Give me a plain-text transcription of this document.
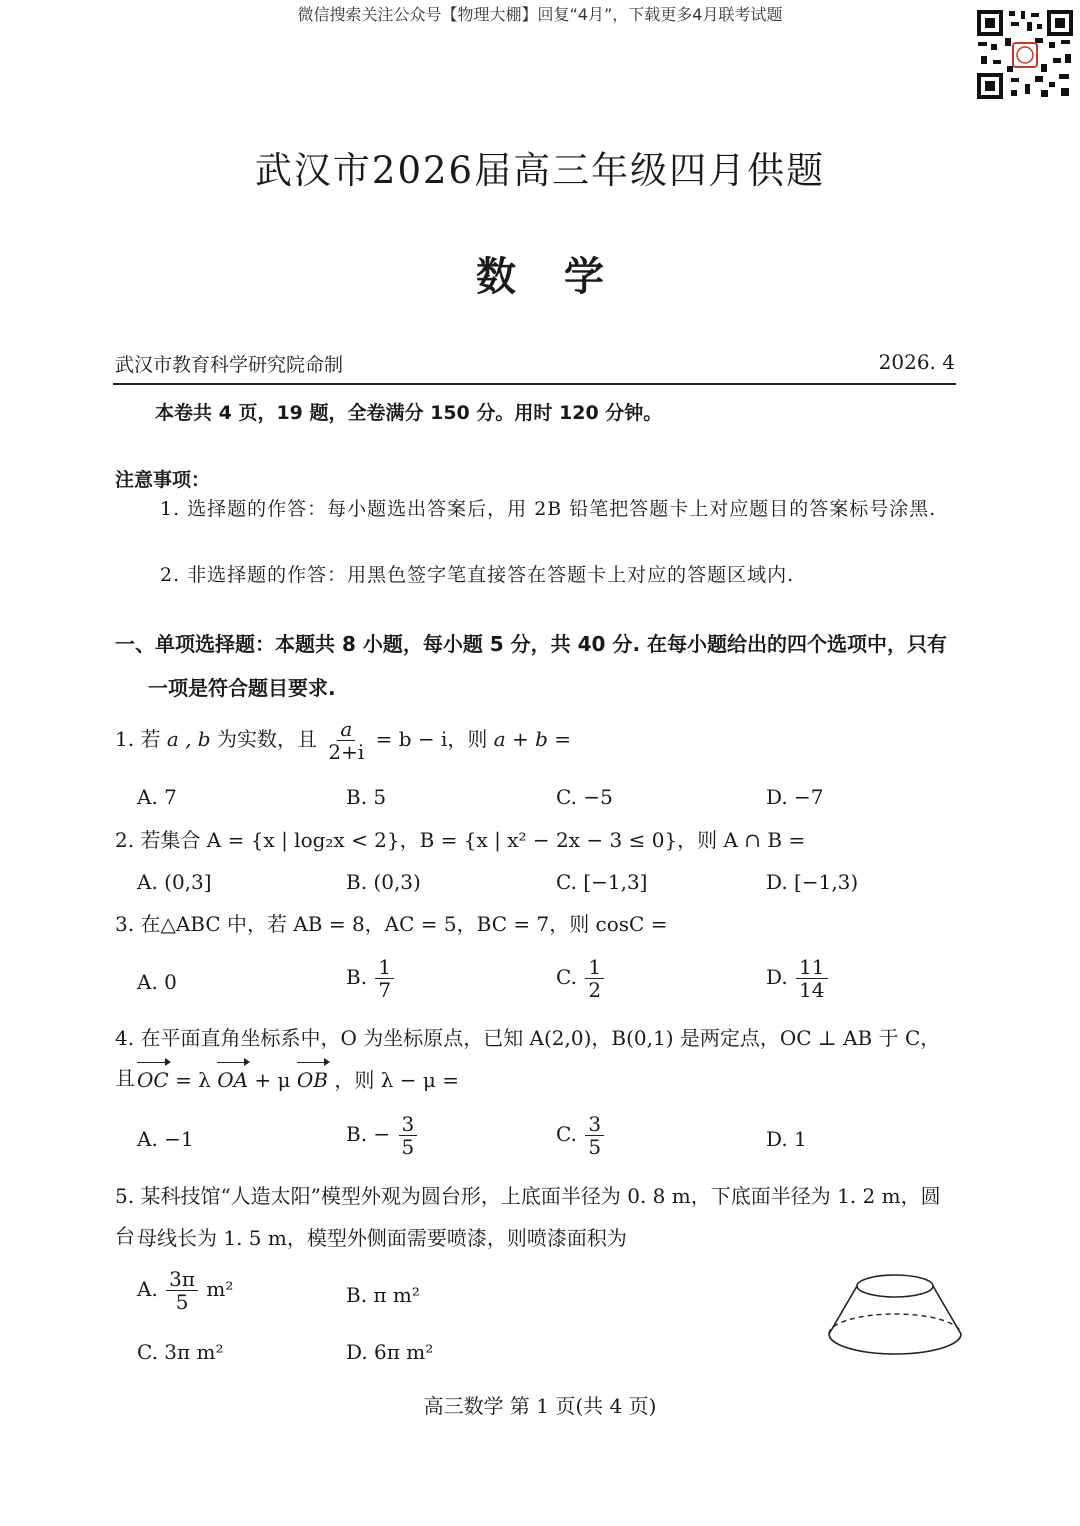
微信搜索关注公众号【物理大棚】回复“4月”，下载更多4月联考试题
武汉市2026届高三年级四月供题
数学
武汉市教育科学研究院命制	2026. 4
本卷共 4 页，19 题，全卷满分 150 分。用时 120 分钟。
注意事项：
1. 选择题的作答：每小题选出答案后，用 2B 铅笔把答题卡上对应题目的答案标号涂黑.
2. 非选择题的作答：用黑色签字笔直接答在答题卡上对应的答题区域内.
一、单项选择题：本题共 8 小题，每小题 5 分，共 40 分. 在每小题给出的四个选项中，只有
一项是符合题目要求.
1. 若 a , b 为实数，且 $\frac{a}{2+i} = b - i$，则 a + b =
A. 7	B. 5	C. −5	D. −7
2. 若集合 A = {x | log₂x < 2}，B = {x | x² − 2x − 3 ≤ 0}，则 A ∩ B =
A. (0,3]	B. (0,3)	C. [−1,3]	D. [−1,3)
3. 在△ABC 中，若 AB = 8，AC = 5，BC = 7，则 cosC =
A. 0	B. $\frac{1}{7}$	C. $\frac{1}{2}$	D. $\frac{11}{14}$
4. 在平面直角坐标系中，O 为坐标原点，已知 A(2,0)，B(0,1) 是两定点，OC ⊥ AB 于 C，且 OC = λ OA + μ OB ，则 λ − μ =
A. −1	B. − $\frac{3}{5}$	C. $\frac{3}{5}$	D. 1
5. 某科技馆“人造太阳”模型外观为圆台形，上底面半径为 0. 8 m，下底面半径为 1. 2 m，圆台 母线长为 1. 5 m，模型外侧面需要喷漆，则喷漆面积为
A. $\frac{3\pi}{5} m^2$	B. π m²
C. 3π m²	D. 6π m²
高三数学 第 1 页(共 4 页)
